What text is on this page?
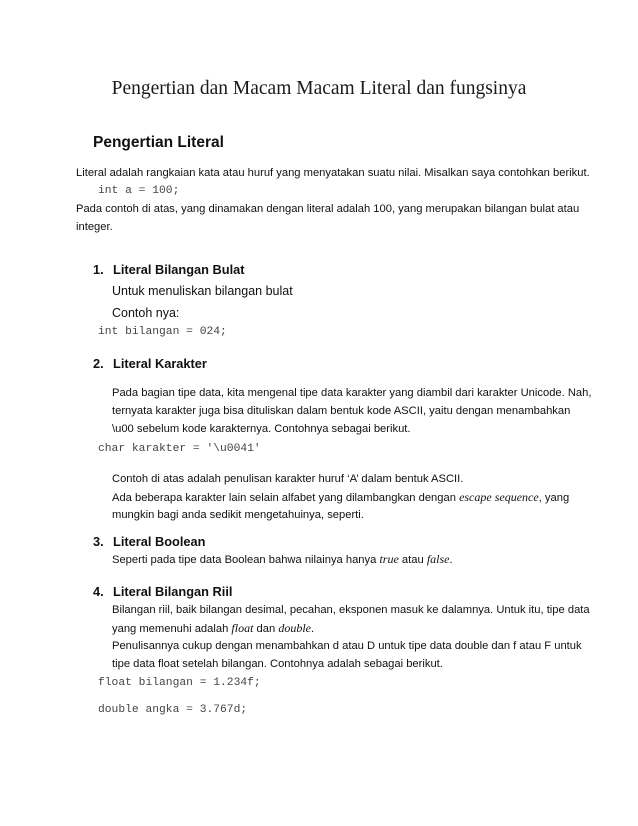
Pengertian dan Macam Macam Literal dan fungsinya
Pengertian Literal
Literal adalah rangkaian kata atau huruf yang menyatakan suatu nilai. Misalkan saya contohkan berikut.
int a = 100;
Pada contoh di atas, yang dinamakan dengan literal adalah 100, yang merupakan bilangan bulat atau
integer.
1. Literal Bilangan Bulat
Untuk menuliskan bilangan bulat
Contoh nya:
int bilangan = 024;
2. Literal Karakter
Pada bagian tipe data, kita mengenal tipe data karakter yang diambil dari karakter Unicode. Nah,
ternyata karakter juga bisa dituliskan dalam bentuk kode ASCII, yaitu dengan menambahkan
\u00 sebelum kode karakternya. Contohnya sebagai berikut.
char karakter = '\u0041'
Contoh di atas adalah penulisan karakter huruf ‘A’ dalam bentuk ASCII.
Ada beberapa karakter lain selain alfabet yang dilambangkan dengan escape sequence, yang
mungkin bagi anda sedikit mengetahuinya, seperti.
3. Literal Boolean
Seperti pada tipe data Boolean bahwa nilainya hanya true atau false.
4. Literal Bilangan Riil
Bilangan riil, baik bilangan desimal, pecahan, eksponen masuk ke dalamnya. Untuk itu, tipe data
yang memenuhi adalah float dan double.
Penulisannya cukup dengan menambahkan d atau D untuk tipe data double dan f atau F untuk
tipe data float setelah bilangan. Contohnya adalah sebagai berikut.
float bilangan = 1.234f;
double angka = 3.767d;
